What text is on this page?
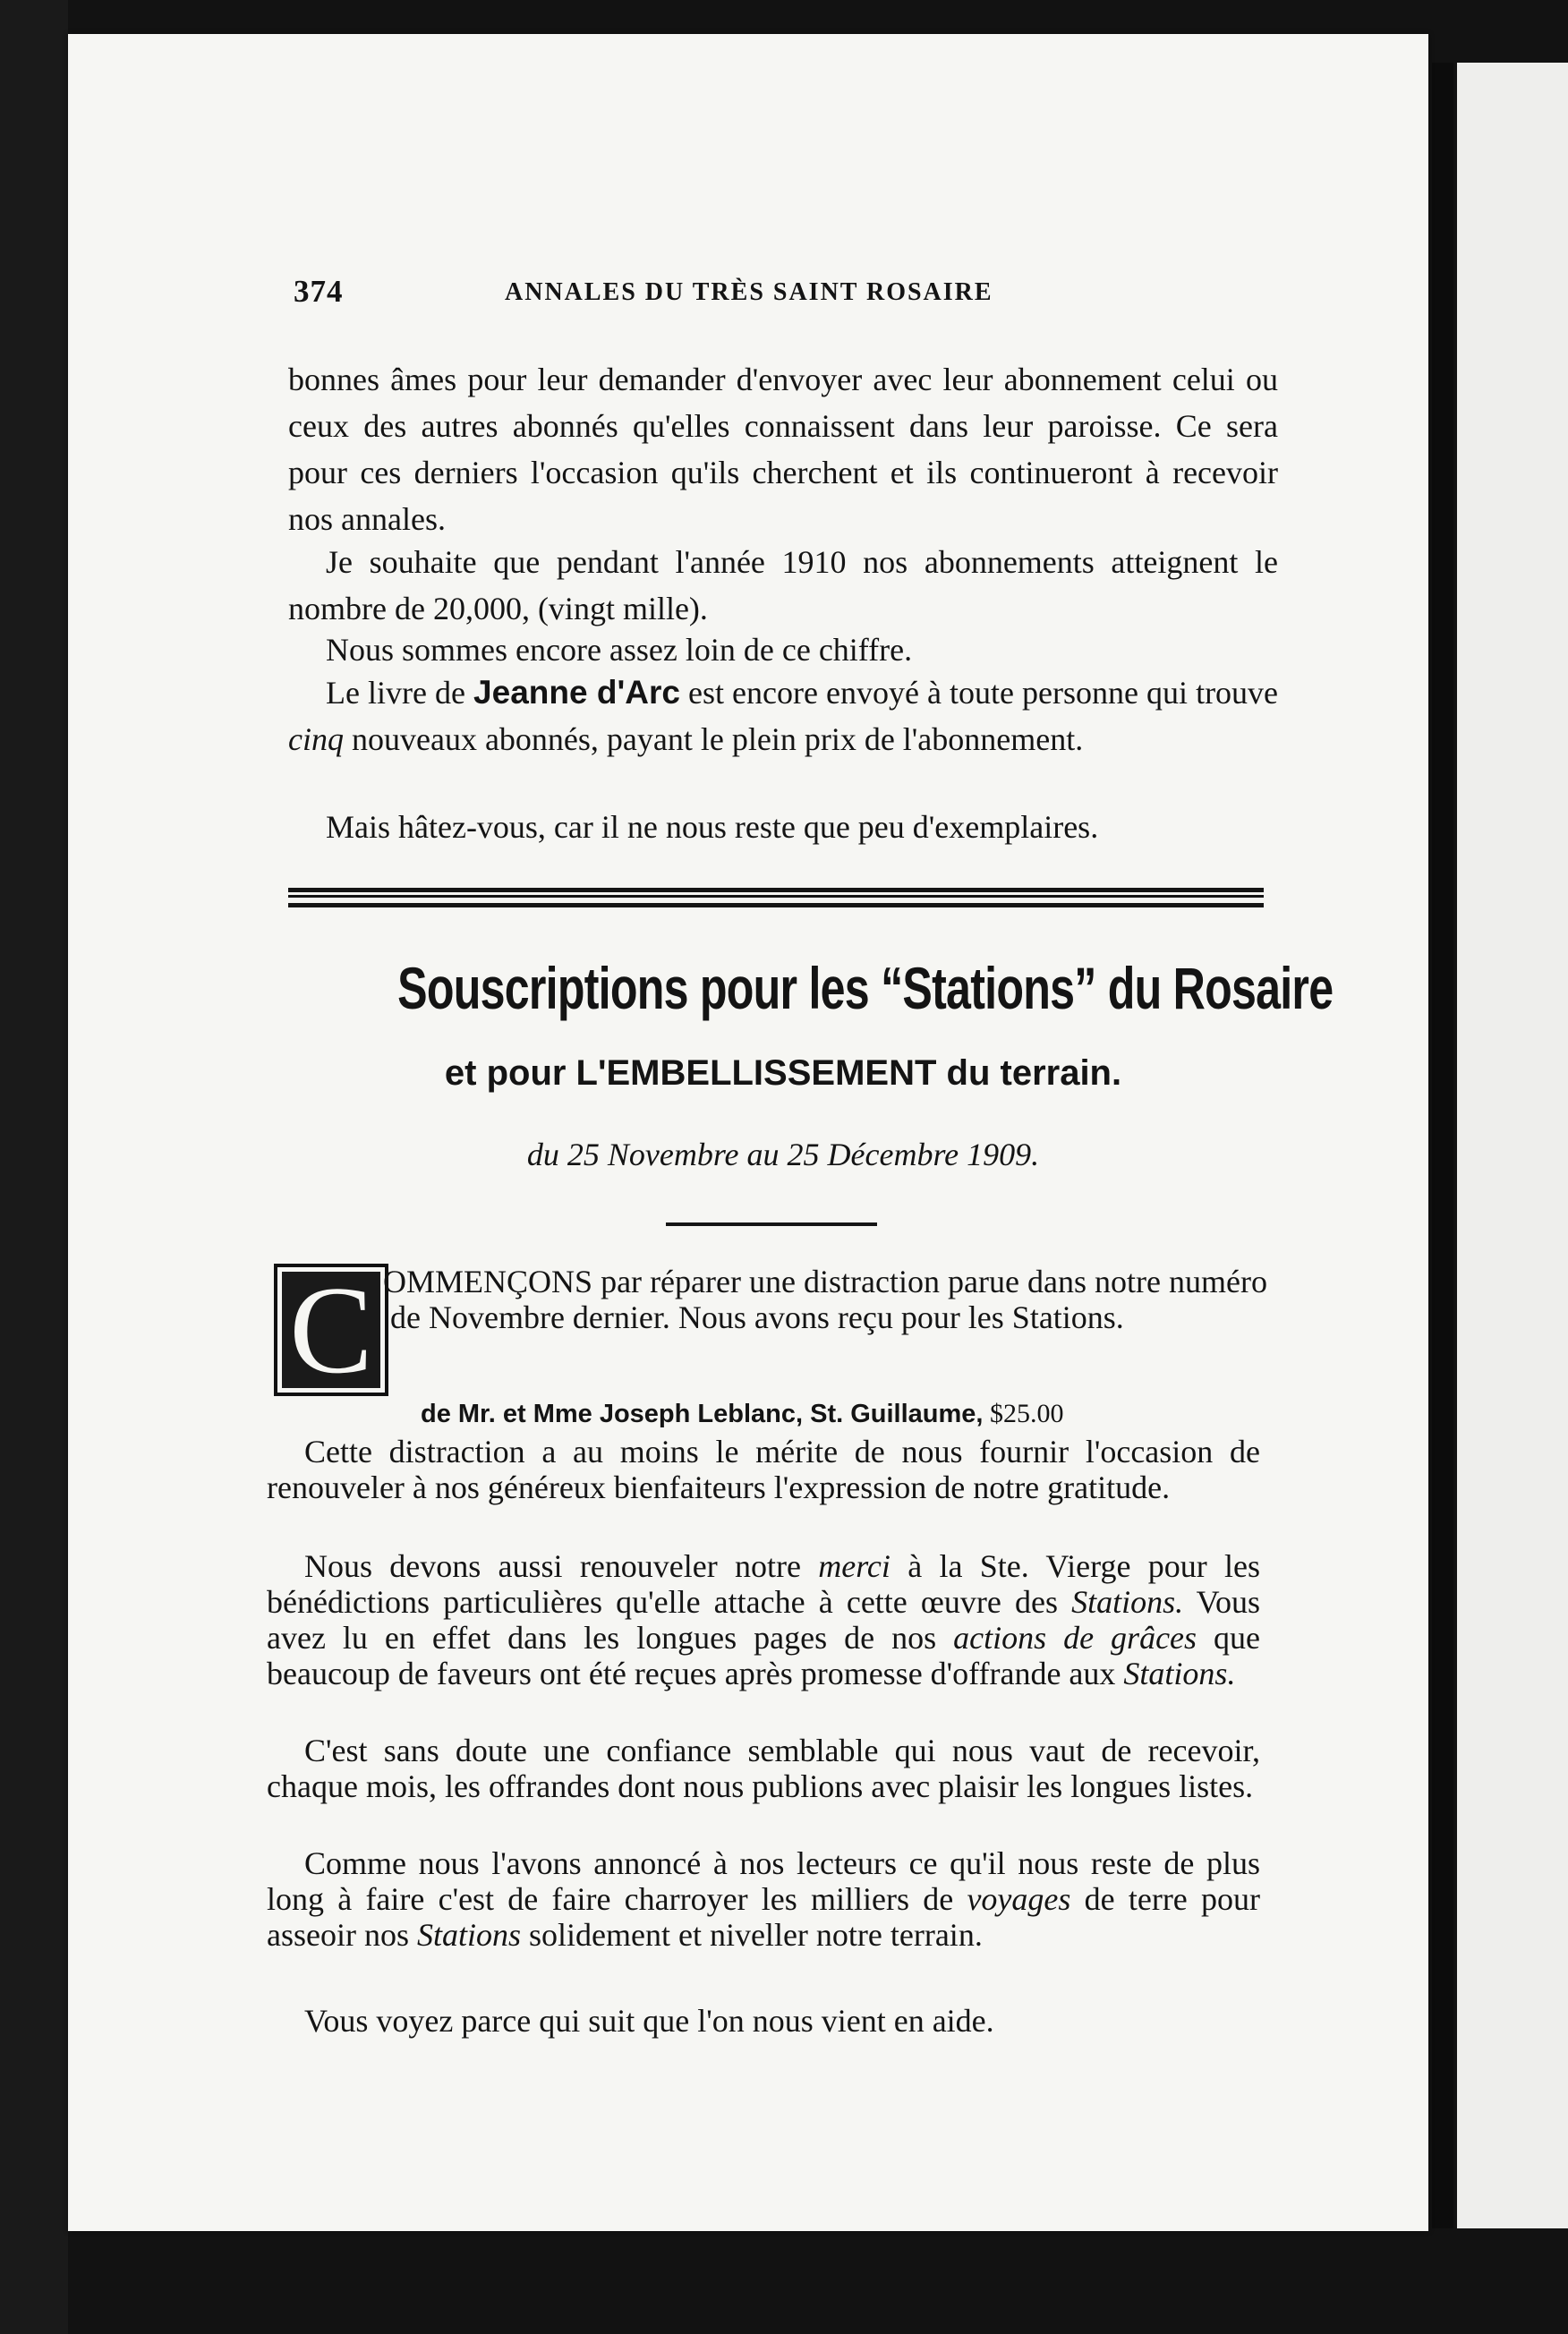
374	ANNALES DU TRÈS SAINT ROSAIRE

bonnes âmes pour leur demander d'envoyer avec leur abonnement celui ou ceux des autres abonnés qu'elles connaissent dans leur paroisse. Ce sera pour ces derniers l'occasion qu'ils cherchent et ils continueront à recevoir nos annales.

Je souhaite que pendant l'année 1910 nos abonnements atteignent le nombre de 20,000, (vingt mille).

Nous sommes encore assez loin de ce chiffre.

Le livre de Jeanne d'Arc est encore envoyé à toute personne qui trouve cinq nouveaux abonnés, payant le plein prix de l'abonnement.

Mais hâtez-vous, car il ne nous reste que peu d'exemplaires.

Souscriptions pour les “Stations” du Rosaire
et pour L'EMBELLISSEMENT du terrain.
du 25 Novembre au 25 Décembre 1909.
C OMMENÇONS par réparer une distraction parue dans notre numéro de Novembre dernier. Nous avons reçu pour les Stations.

de Mr. et Mme Joseph Leblanc, St. Guillaume, $25.00

Cette distraction a au moins le mérite de nous fournir l'occasion de renouveler à nos généreux bienfaiteurs l'expression de notre gratitude.

Nous devons aussi renouveler notre merci à la Ste. Vierge pour les bénédictions particulières qu'elle attache à cette œuvre des Stations. Vous avez lu en effet dans les longues pages de nos actions de grâces que beaucoup de faveurs ont été reçues après promesse d'offrande aux Stations.

C'est sans doute une confiance semblable qui nous vaut de recevoir, chaque mois, les offrandes dont nous publions avec plaisir les longues listes.

Comme nous l'avons annoncé à nos lecteurs ce qu'il nous reste de plus long à faire c'est de faire charroyer les milliers de voyages de terre pour asseoir nos Stations solidement et niveller notre terrain.

Vous voyez parce qui suit que l'on nous vient en aide.
